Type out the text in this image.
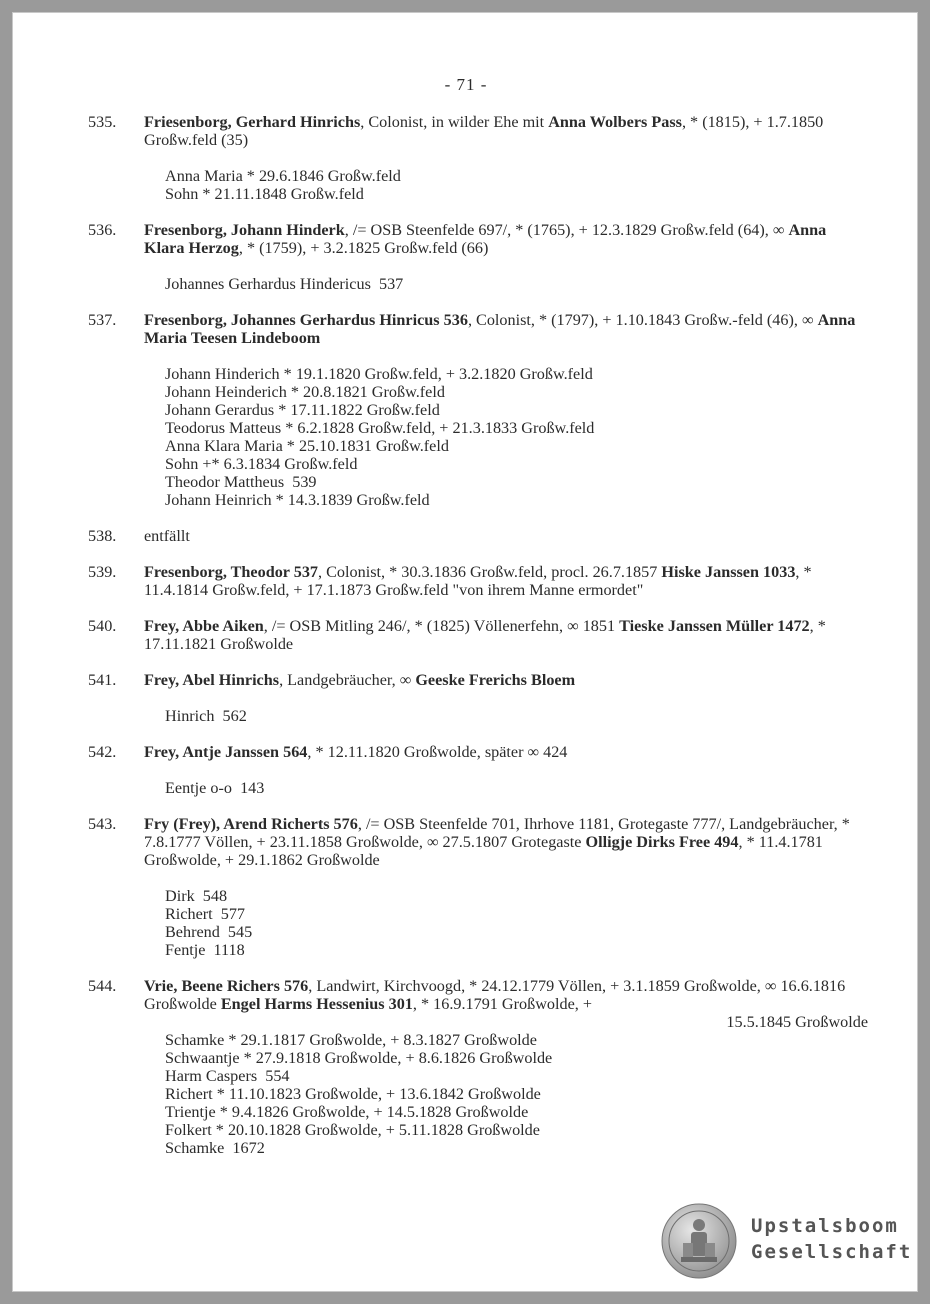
- 71 -
535.	Friesenborg, Gerhard Hinrichs, Colonist, in wilder Ehe mit Anna Wolbers Pass, * (1815), + 1.7.1850 Großw.feld (35)

Anna Maria * 29.6.1846 Großw.feld
Sohn * 21.11.1848 Großw.feld
536.	Fresenborg, Johann Hinderk, /= OSB Steenfelde 697/, * (1765), + 12.3.1829 Großw.feld (64), ∞ Anna Klara Herzog, * (1759), + 3.2.1825 Großw.feld (66)

Johannes Gerhardus Hindericus  537
537.	Fresenborg, Johannes Gerhardus Hinricus 536, Colonist, * (1797), + 1.10.1843 Großw.-feld (46), ∞ Anna Maria Teesen Lindeboom

Johann Hinderich * 19.1.1820 Großw.feld, + 3.2.1820 Großw.feld
Johann Heinderich * 20.8.1821 Großw.feld
Johann Gerardus * 17.11.1822 Großw.feld
Teodorus Matteus * 6.2.1828 Großw.feld, + 21.3.1833 Großw.feld
Anna Klara Maria * 25.10.1831 Großw.feld
Sohn +* 6.3.1834 Großw.feld
Theodor Mattheus  539
Johann Heinrich * 14.3.1839 Großw.feld
538.	entfällt

539.	Fresenborg, Theodor 537, Colonist, * 30.3.1836 Großw.feld, procl. 26.7.1857 Hiske Janssen 1033, * 11.4.1814 Großw.feld, + 17.1.1873 Großw.feld "von ihrem Manne ermordet"

540.	Frey, Abbe Aiken, /= OSB Mitling 246/, * (1825) Völlenerfehn, ∞ 1851 Tieske Janssen Müller 1472, * 17.11.1821 Großwolde

541.	Frey, Abel Hinrichs, Landgebräucher, ∞ Geeske Frerichs Bloem

Hinrich  562
542.	Frey, Antje Janssen 564, * 12.11.1820 Großwolde, später ∞ 424

Eentje o-o  143
543.	Fry (Frey), Arend Richerts 576, /= OSB Steenfelde 701, Ihrhove 1181, Grotegaste 777/, Landgebräucher, * 7.8.1777 Völlen, + 23.11.1858 Großwolde, ∞ 27.5.1807 Grotegaste Olligje Dirks Free 494, * 11.4.1781 Großwolde, + 29.1.1862 Großwolde

Dirk  548
Richert  577
Behrend  545
Fentje  1118
544.	Vrie, Beene Richers 576, Landwirt, Kirchvoogd, * 24.12.1779 Völlen, + 3.1.1859 Großwolde, ∞ 16.6.1816 Großwolde Engel Harms Hessenius 301, * 16.9.1791 Großwolde, +

15.5.1845 Großwolde
Schamke * 29.1.1817 Großwolde, + 8.3.1827 Großwolde
Schwaantje * 27.9.1818 Großwolde, + 8.6.1826 Großwolde
Harm Caspers  554
Richert * 11.10.1823 Großwolde, + 13.6.1842 Großwolde
Trientje * 9.4.1826 Großwolde, + 14.5.1828 Großwolde
Folkert * 20.10.1828 Großwolde, + 5.11.1828 Großwolde
Schamke  1672
Upstalsboom
Gesellschaft
